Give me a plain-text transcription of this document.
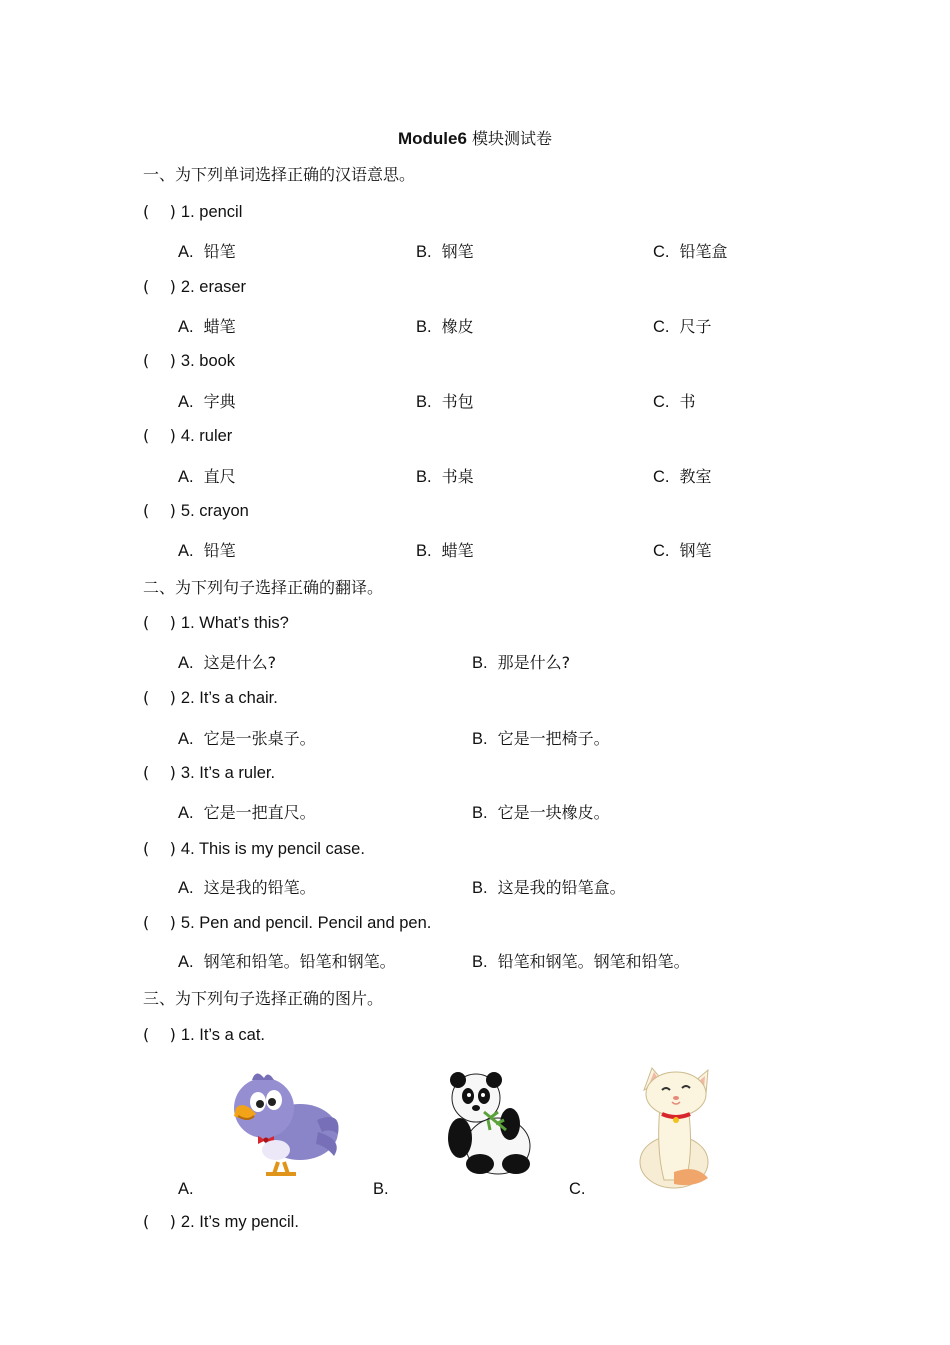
Module6 模块测试卷
一、为下列单词选择正确的汉语意思。
(    ) 1. pencil
A. 铅笔	B. 钢笔	C. 铅笔盒
(    ) 2. eraser
A. 蜡笔	B. 橡皮	C. 尺子
(    ) 3. book
A. 字典	B. 书包	C. 书
(    ) 4. ruler
A. 直尺	B. 书桌	C. 教室
(    ) 5. crayon
A. 铅笔	B. 蜡笔	C. 钢笔
二、为下列句子选择正确的翻译。
(    ) 1. What’s this?
A. 这是什么?	B. 那是什么?
(    ) 2. It’s a chair.
A. 它是一张桌子。	B. 它是一把椅子。
(    ) 3. It’s a ruler.
A. 它是一把直尺。	B. 它是一块橡皮。
(    ) 4. This is my pencil case.
A. 这是我的铅笔。	B. 这是我的铅笔盒。
(    ) 5. Pen and pencil. Pencil and pen.
A. 钢笔和铅笔。铅笔和钢笔。	B. 铅笔和钢笔。钢笔和铅笔。
三、为下列句子选择正确的图片。
(    ) 1. It’s a cat.
A.	B.	C.
(    ) 2. It’s my pencil.
